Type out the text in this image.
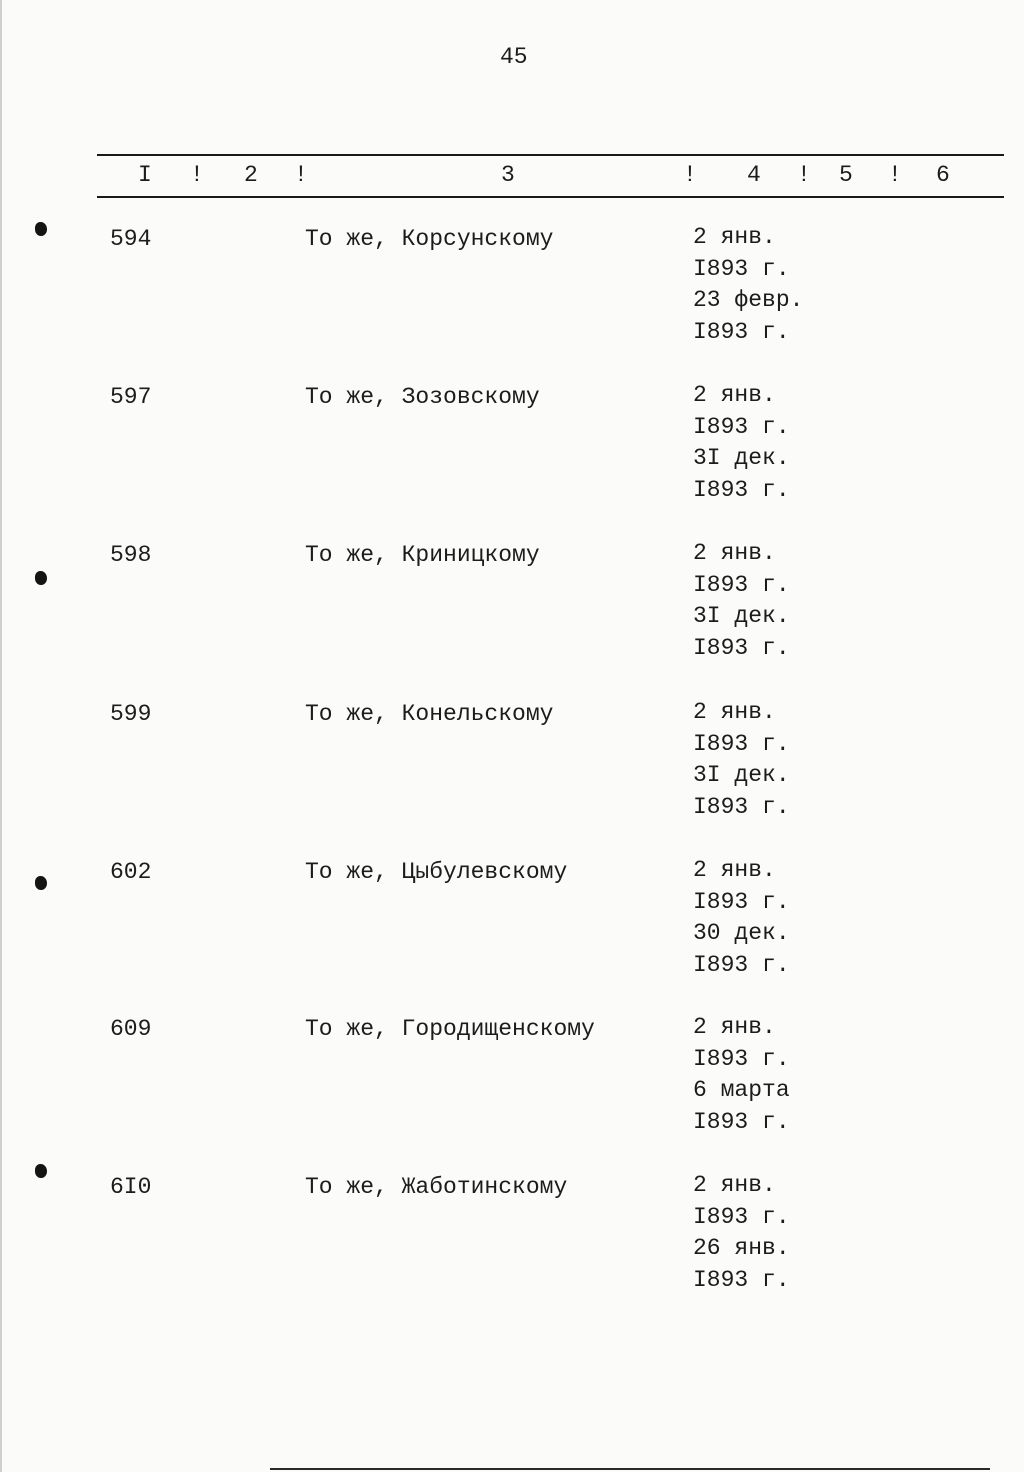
45
I ! 2 !	3	! 4 ! 5 ! 6
594	То же, Корсунскому	2 янв.
I893 г.
23 февр.
I893 г.
597	То же, Зозовскому	2 янв.
I893 г.
3I дек.
I893 г.
598	То же, Криницкому	2 янв.
I893 г.
3I дек.
I893 г.
599	То же, Конельскому	2 янв.
I893 г.
3I дек.
I893 г.
602	То же, Цыбулевскому	2 янв.
I893 г.
30 дек.
I893 г.
609	То же, Городищенскому	2 янв.
I893 г.
6 марта
I893 г.
6I0	То же, Жаботинскому	2 янв.
I893 г.
26 янв.
I893 г.
